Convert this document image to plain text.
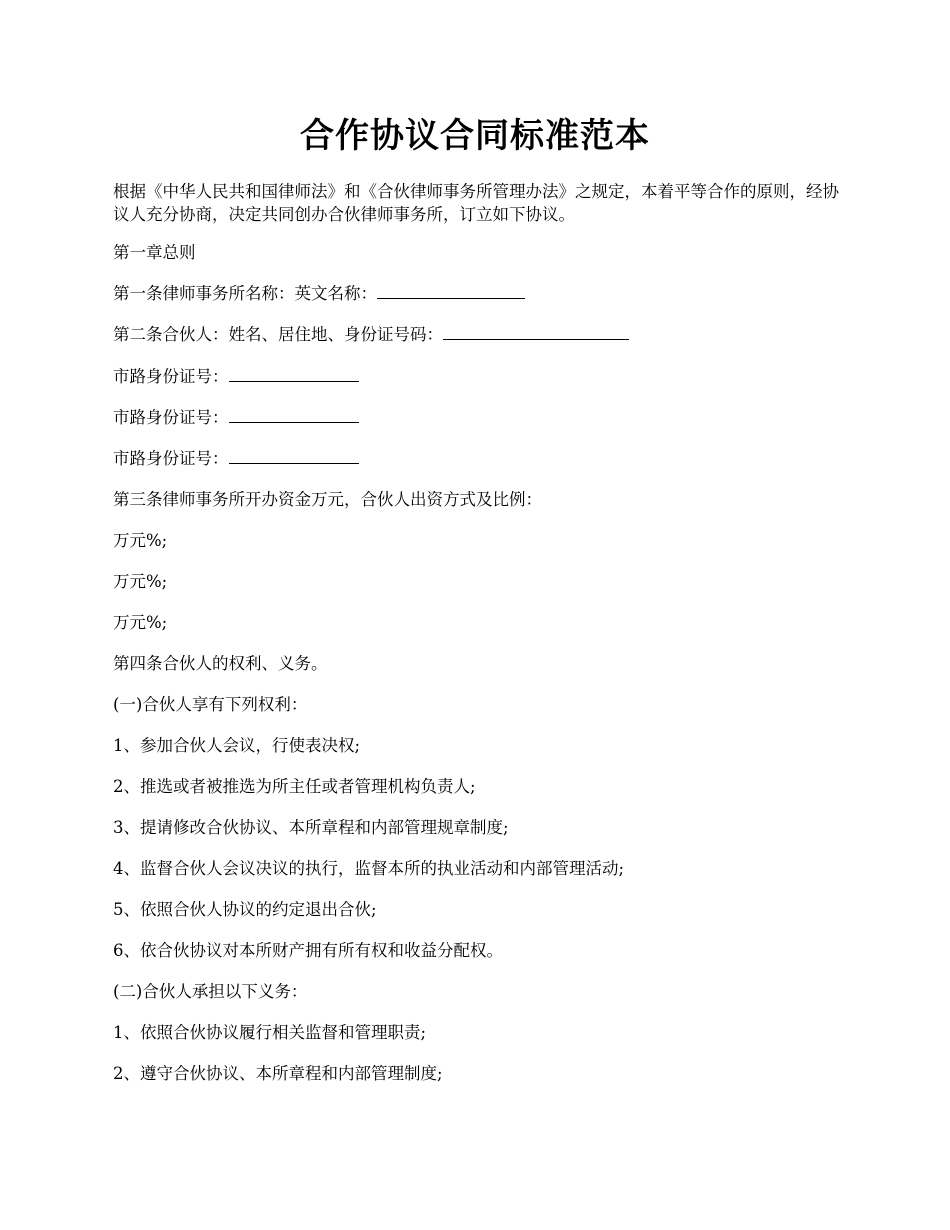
合作协议合同标准范本

根据《中华人民共和国律师法》和《合伙律师事务所管理办法》之规定，本着平等合作的原则，经协议人充分协商，决定共同创办合伙律师事务所，订立如下协议。

第一章总则

第一条律师事务所名称：英文名称：

第二条合伙人：姓名、居住地、身份证号码：

市路身份证号：

市路身份证号：

市路身份证号：

第三条律师事务所开办资金万元，合伙人出资方式及比例：

万元%;

万元%;

万元%;

第四条合伙人的权利、义务。

(一)合伙人享有下列权利：

1、参加合伙人会议，行使表决权;

2、推选或者被推选为所主任或者管理机构负责人;

3、提请修改合伙协议、本所章程和内部管理规章制度;

4、监督合伙人会议决议的执行，监督本所的执业活动和内部管理活动;

5、依照合伙人协议的约定退出合伙;

6、依合伙协议对本所财产拥有所有权和收益分配权。

(二)合伙人承担以下义务：

1、依照合伙协议履行相关监督和管理职责;

2、遵守合伙协议、本所章程和内部管理制度;
